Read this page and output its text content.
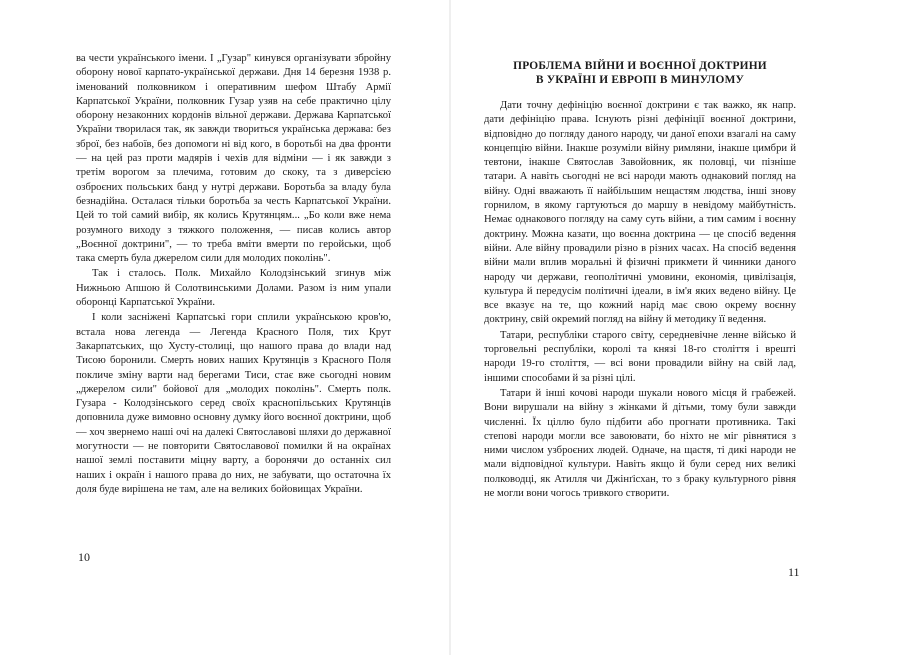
ва чести українського імени. І „Гузар" кинувся організувати збройну оборону нової карпато-української держави. Дня 14 березня 1938 р. іменований полковником і оперативним шефом Штабу Армії Карпатської України, полковник Гузар узяв на себе практично цілу оборону незаконних кордонів вільної держави. Держава Карпатської України творилася так, як завжди твориться українська держава: без зброї, без набоїв, без допомоги ні від кого, в боротьбі на два фронти — на цей раз проти мадярів і чехів для відміни — і як завжди з третім ворогом за плечима, готовим до скоку, та з диверсією озброєних польських банд у нутрі держави. Боротьба за владу була безнадійна. Осталася тільки боротьба за честь Карпатської України. Цей то той самий вибір, як колись Крутянцям... „Бо коли вже нема розумного виходу з тяжкого положення, — писав колись автор „Воєнної доктрини", — то треба вміти вмерти по геройськи, щоб така смерть була джерелом сили для молодих поколінь".

Так і сталось. Полк. Михайло Колодзінський згинув між Нижньою Апшою й Солотвинськими Долами. Разом із ним упали оборонці Карпатської України.

І коли засніжені Карпатські гори сплили українською кров'ю, встала нова легенда — Легенда Красного Поля, тих Крут Закарпатських, що Хусту-столиці, що нашого права до влади над Тисою боронили. Смерть нових наших Крутянців з Красного Поля покличе зміну варти над берегами Тиси, стає вже сьогодні новим „джерелом сили" бойової для „молодих поколінь". Смерть полк. Гузара - Колодзінського серед своїх краснопільських Крутянців доповнила дуже вимовно основну думку його воєнної доктрини, щоб — хоч звернемо наші очі на далекі Святославові шляхи до державної могутности — не повторити Святославової помилки й на окраїнах нашої землі поставити міцну варту, а боронячи до останніх сил наших і окраїн і нашого права до них, не забувати, що остаточна їх доля буде вирішена не там, але на великих бойовищах України.

10
ПРОБЛЕМА ВІЙНИ И ВОЄННОЇ ДОКТРИНИ
В УКРАЇНІ И ЕВРОПІ В МИНУЛОМУ

Дати точну дефініцію воєнної доктрини є так важко, як напр. дати дефініцію права. Існують різні дефініції воєнної доктрини, відповідно до погляду даного народу, чи даної епохи взагалі на саму концепцію війни. Інакше розуміли війну римляни, інакше цимбри й тевтони, інакше Святослав Завойовник, як половці, чи пізніше татари. А навіть сьогодні не всі народи мають однаковий погляд на війну. Одні вважають її найбільшим нещастям людства, інші знову горнилом, в якому гартуються до маршу в невідому майбутність. Немає однакового погляду на саму суть війни, а тим самим і воєнну доктрину. Можна казати, що воєнна доктрина — це спосіб ведення війни. Але війну провадили різно в різних часах. На спосіб ведення війни мали вплив моральні й фізичні прикмети й чинники даного народу чи держави, геополітичні умовини, економія, цивілізація, культура й передусім політичні ідеали, в ім'я яких ведено війну. Це все вказує на те, що кожний нарід має свою окрему воєнну доктрину, свій окремий погляд на війну й методику її ведення.

Татари, республіки старого світу, середневічне ленне військо й торговельні республіки, королі та князі 18-го століття і врешті народи 19-го століття, — всі вони провадили війну на свій лад, іншими способами й за різні цілі.

Татари й інші кочові народи шукали нового місця й грабежей. Вони вирушали на війну з жінками й дітьми, тому були завжди численні. Їх ціллю було підбити або прогнати противника. Такі степові народи могли все завоювати, бо ніхто не міг рівнятися з ними числом узброєних людей. Одначе, на щастя, ті дикі народи не мали відповідної культури. Навіть якщо й були серед них великі полководці, як Атилля чи Джінґісхан, то з браку культурного рівня не могли вони чогось тривкого створити.

11
